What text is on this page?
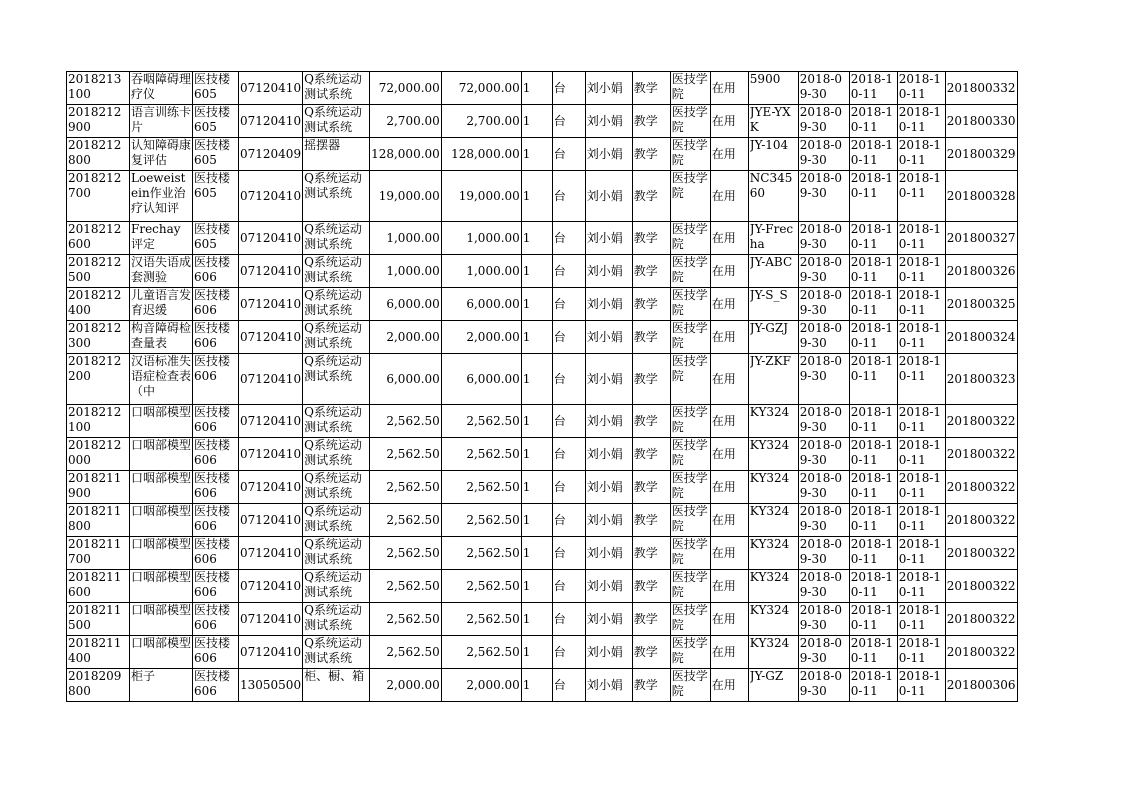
2018213100	吞咽障碍理疗仪	医技楼605	07120410	Q系统运动测试系统	72,000.00	72,000.00	1	台	刘小娟	教学	医技学院	在用	5900	2018-09-30	2018-10-11	2018-10-11	201800332

2018212900	语言训练卡片	医技楼605	07120410	Q系统运动测试系统	2,700.00	2,700.00	1	台	刘小娟	教学	医技学院	在用	JYE-YXK	2018-09-30	2018-10-11	2018-10-11	201800330

2018212800	认知障碍康复评估	医技楼605	07120409	摇摆器	128,000.00	128,000.00	1	台	刘小娟	教学	医技学院	在用	JY-104	2018-09-30	2018-10-11	2018-10-11	201800329

2018212700	Loeweistein作业治疗认知评	医技楼605	07120410	Q系统运动测试系统	19,000.00	19,000.00	1	台	刘小娟	教学	医技学院	在用	NC34560	2018-09-30	2018-10-11	2018-10-11	201800328

2018212600	Frechay评定	医技楼605	07120410	Q系统运动测试系统	1,000.00	1,000.00	1	台	刘小娟	教学	医技学院	在用	JY-Frecha	2018-09-30	2018-10-11	2018-10-11	201800327

2018212500	汉语失语成套测验	医技楼606	07120410	Q系统运动测试系统	1,000.00	1,000.00	1	台	刘小娟	教学	医技学院	在用	JY-ABC	2018-09-30	2018-10-11	2018-10-11	201800326

2018212400	儿童语言发育迟缓	医技楼606	07120410	Q系统运动测试系统	6,000.00	6,000.00	1	台	刘小娟	教学	医技学院	在用	JY-S_S	2018-09-30	2018-10-11	2018-10-11	201800325

2018212300	构音障碍检查量表	医技楼606	07120410	Q系统运动测试系统	2,000.00	2,000.00	1	台	刘小娟	教学	医技学院	在用	JY-GZJ	2018-09-30	2018-10-11	2018-10-11	201800324

2018212200	汉语标准失语症检查表（中	医技楼606	07120410	Q系统运动测试系统	6,000.00	6,000.00	1	台	刘小娟	教学	医技学院	在用	JY-ZKF	2018-09-30	2018-10-11	2018-10-11	201800323

2018212100	口咽部模型	医技楼606	07120410	Q系统运动测试系统	2,562.50	2,562.50	1	台	刘小娟	教学	医技学院	在用	KY324	2018-09-30	2018-10-11	2018-10-11	201800322

2018212000	口咽部模型	医技楼606	07120410	Q系统运动测试系统	2,562.50	2,562.50	1	台	刘小娟	教学	医技学院	在用	KY324	2018-09-30	2018-10-11	2018-10-11	201800322

2018211900	口咽部模型	医技楼606	07120410	Q系统运动测试系统	2,562.50	2,562.50	1	台	刘小娟	教学	医技学院	在用	KY324	2018-09-30	2018-10-11	2018-10-11	201800322

2018211800	口咽部模型	医技楼606	07120410	Q系统运动测试系统	2,562.50	2,562.50	1	台	刘小娟	教学	医技学院	在用	KY324	2018-09-30	2018-10-11	2018-10-11	201800322

2018211700	口咽部模型	医技楼606	07120410	Q系统运动测试系统	2,562.50	2,562.50	1	台	刘小娟	教学	医技学院	在用	KY324	2018-09-30	2018-10-11	2018-10-11	201800322

2018211600	口咽部模型	医技楼606	07120410	Q系统运动测试系统	2,562.50	2,562.50	1	台	刘小娟	教学	医技学院	在用	KY324	2018-09-30	2018-10-11	2018-10-11	201800322

2018211500	口咽部模型	医技楼606	07120410	Q系统运动测试系统	2,562.50	2,562.50	1	台	刘小娟	教学	医技学院	在用	KY324	2018-09-30	2018-10-11	2018-10-11	201800322

2018211400	口咽部模型	医技楼606	07120410	Q系统运动测试系统	2,562.50	2,562.50	1	台	刘小娟	教学	医技学院	在用	KY324	2018-09-30	2018-10-11	2018-10-11	201800322

2018209800	柜子	医技楼606	13050500	柜、橱、箱	2,000.00	2,000.00	1	台	刘小娟	教学	医技学院	在用	JY-GZ	2018-09-30	2018-10-11	2018-10-11	201800306
